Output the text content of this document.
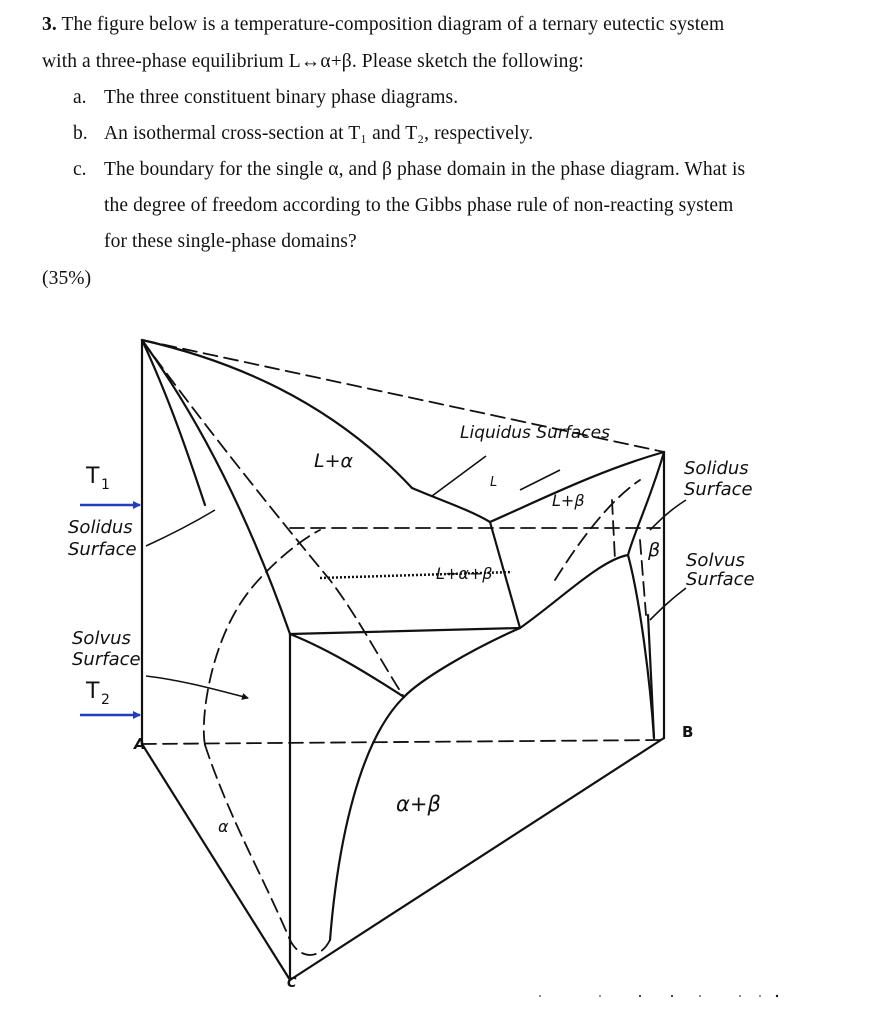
3. The figure below is a temperature-composition diagram of a ternary eutectic system
with a three-phase equilibrium L↔α+β. Please sketch the following:
a. The three constituent binary phase diagrams.
b. An isothermal cross-section at T₁ and T₂, respectively.
c. The boundary for the single α, and β phase domain in the phase diagram. What is
the degree of freedom according to the Gibbs phase rule of non-reacting system
for these single-phase domains?
(35%)
Liquidus Surfaces
L+α
L
L+β
L+α+β
β
α
α+β
Solidus
Surface
Solvus
Surface
Solidus
Surface
Solvus
Surface
T 1
T 2
A
B
C
